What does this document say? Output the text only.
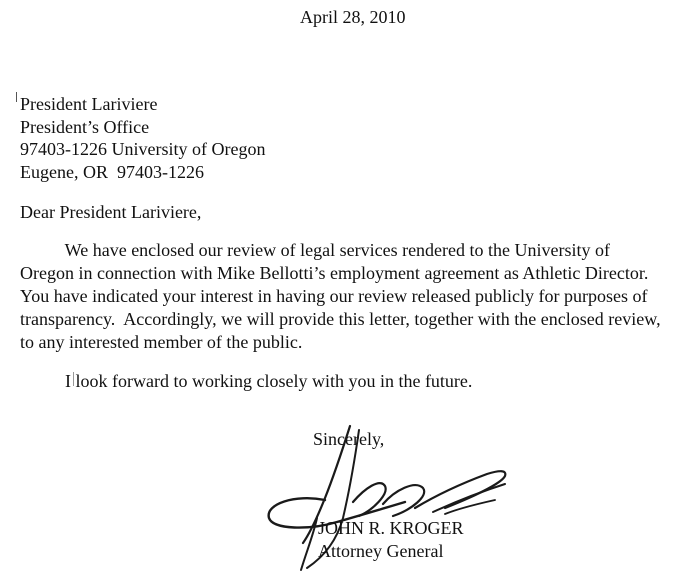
April 28, 2010
President Lariviere
President’s Office
97403-1226 University of Oregon
Eugene, OR  97403-1226
Dear President Lariviere,
We have enclosed our review of legal services rendered to the University of
Oregon in connection with Mike Bellotti’s employment agreement as Athletic Director.
You have indicated your interest in having our review released publicly for purposes of
transparency.  Accordingly, we will provide this letter, together with the enclosed review,
to any interested member of the public.
I look forward to working closely with you in the future.
Sincerely,
JOHN R. KROGER
Attorney General
